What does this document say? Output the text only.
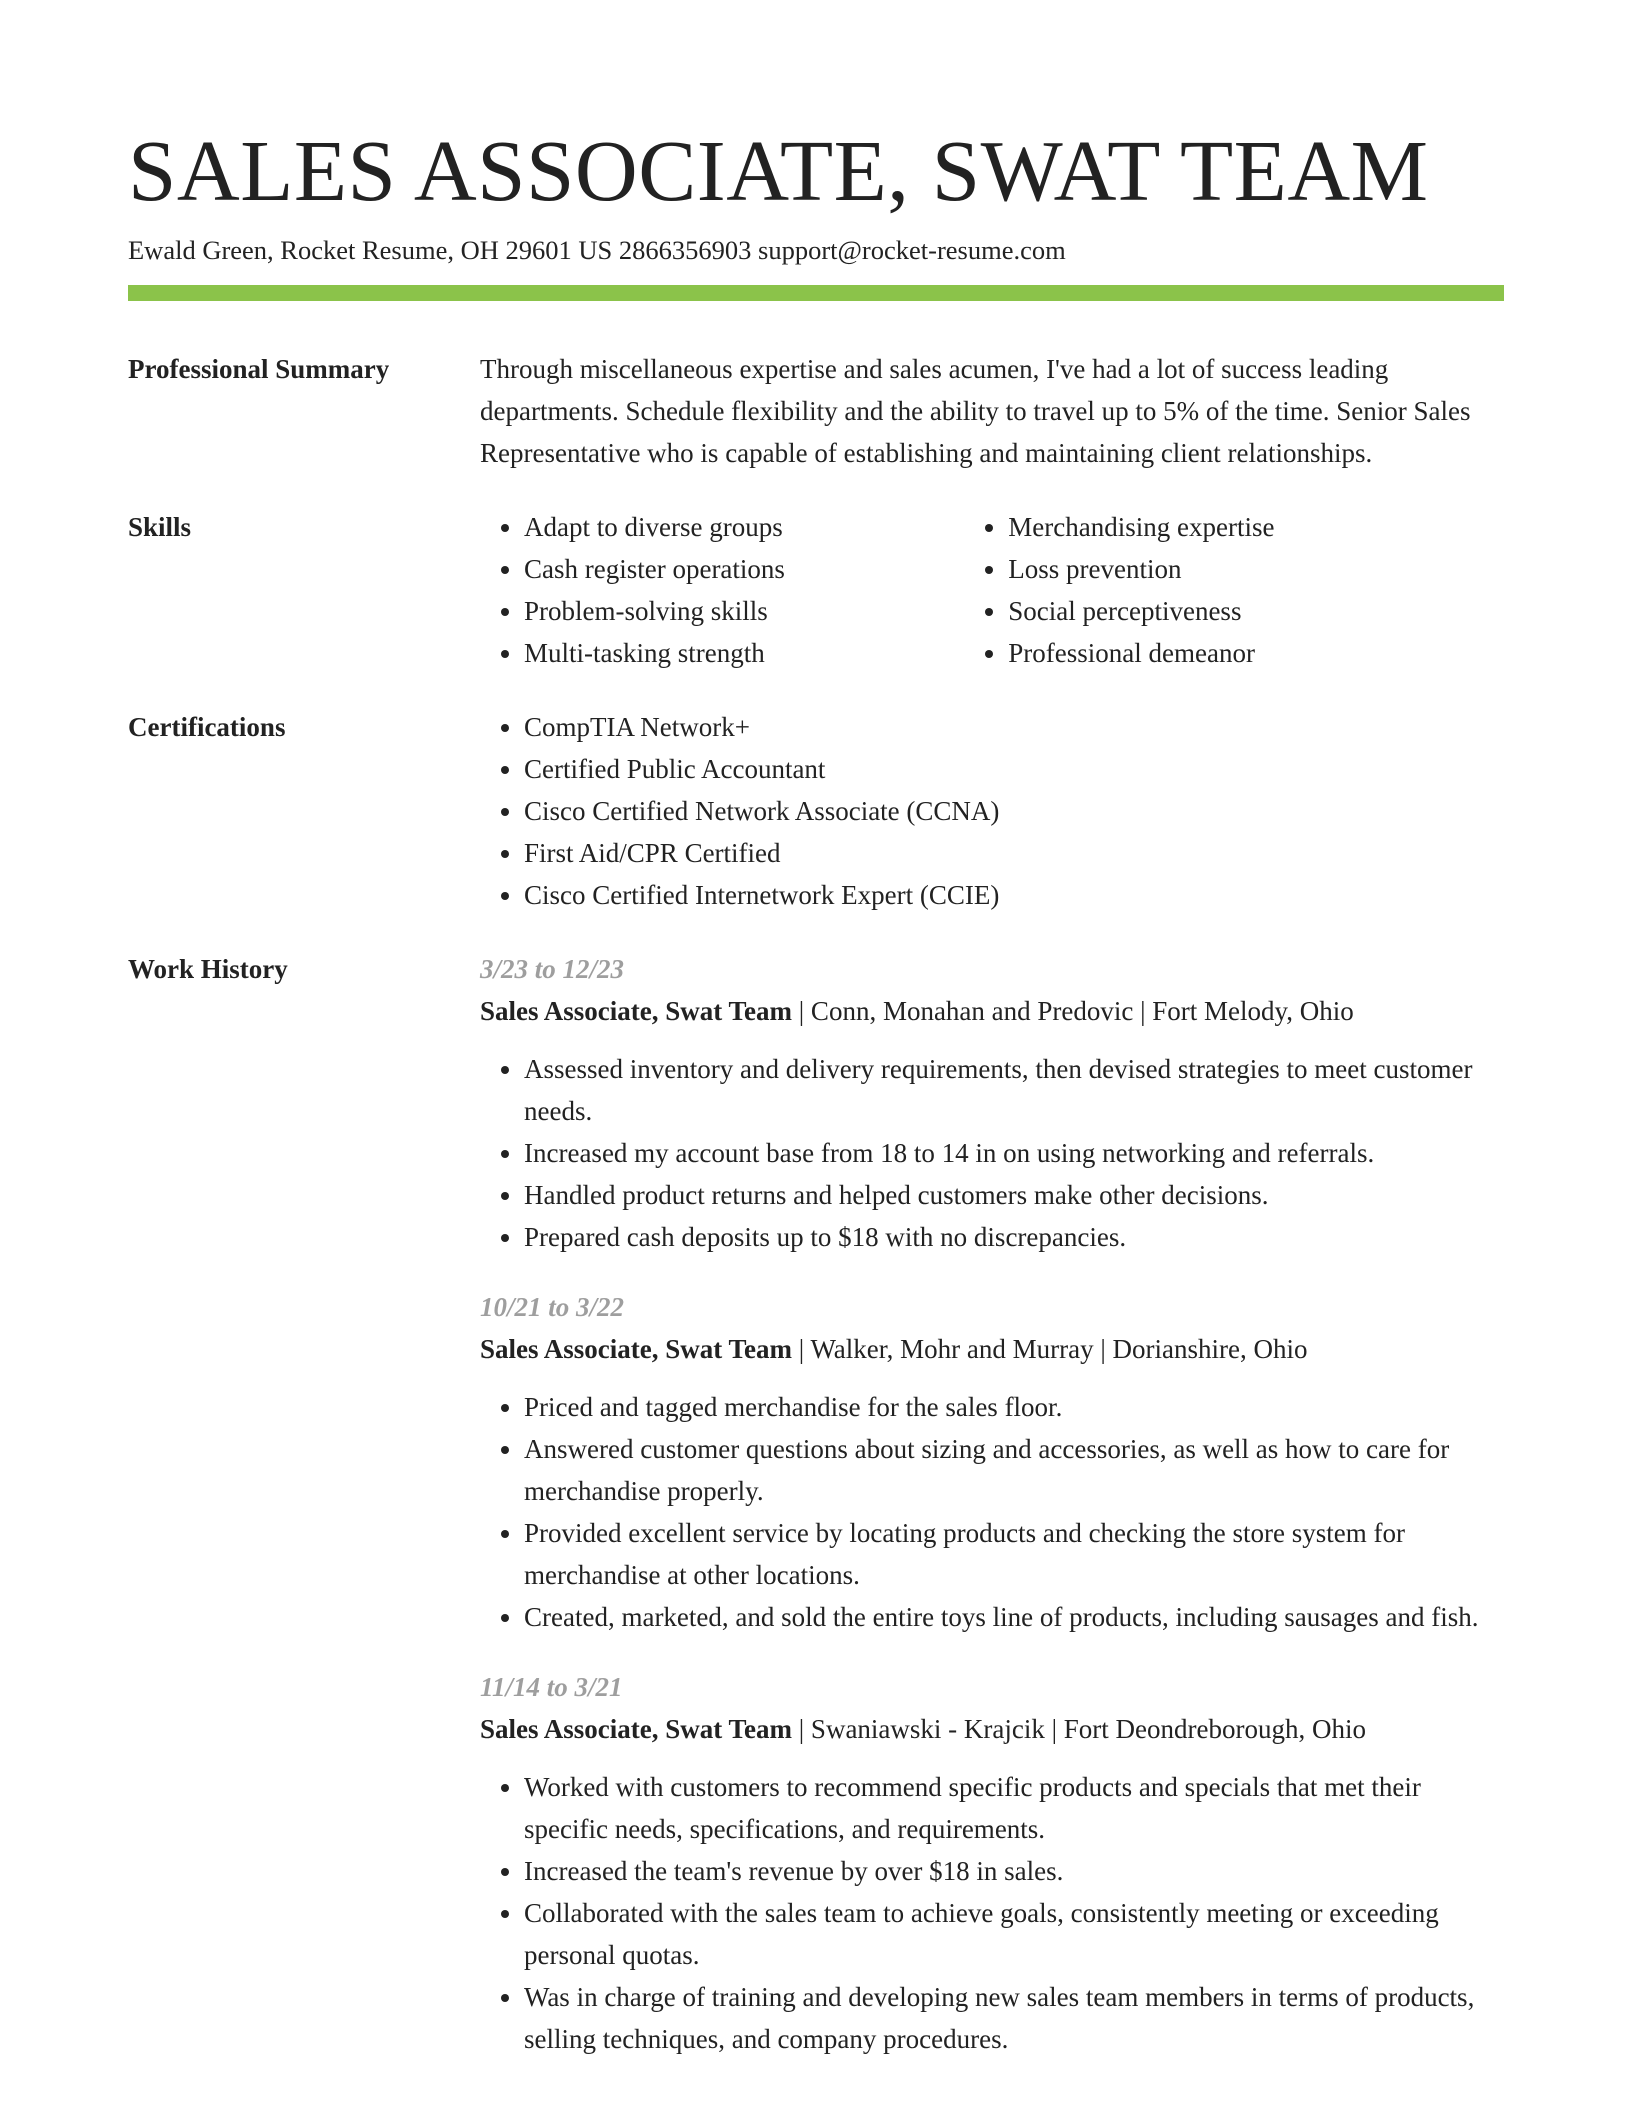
SALES ASSOCIATE, SWAT TEAM
Ewald Green, Rocket Resume, OH 29601 US 2866356903 support@rocket-resume.com
Professional Summary	Through miscellaneous expertise and sales acumen, I've had a lot of success leading departments. Schedule flexibility and the ability to travel up to 5% of the time. Senior Sales Representative who is capable of establishing and maintaining client relationships.
Skills	• Adapt to diverse groups
• Cash register operations
• Problem-solving skills
• Multi-tasking strength
• Merchandising expertise
• Loss prevention
• Social perceptiveness
• Professional demeanor
Certifications	• CompTIA Network+
• Certified Public Accountant
• Cisco Certified Network Associate (CCNA)
• First Aid/CPR Certified
• Cisco Certified Internetwork Expert (CCIE)
Work History	3/23 to 12/23
Sales Associate, Swat Team | Conn, Monahan and Predovic | Fort Melody, Ohio
• Assessed inventory and delivery requirements, then devised strategies to meet customer needs.
• Increased my account base from 18 to 14 in on using networking and referrals.
• Handled product returns and helped customers make other decisions.
• Prepared cash deposits up to $18 with no discrepancies.
10/21 to 3/22
Sales Associate, Swat Team | Walker, Mohr and Murray | Dorianshire, Ohio
• Priced and tagged merchandise for the sales floor.
• Answered customer questions about sizing and accessories, as well as how to care for merchandise properly.
• Provided excellent service by locating products and checking the store system for merchandise at other locations.
• Created, marketed, and sold the entire toys line of products, including sausages and fish.
11/14 to 3/21
Sales Associate, Swat Team | Swaniawski - Krajcik | Fort Deondreborough, Ohio
• Worked with customers to recommend specific products and specials that met their specific needs, specifications, and requirements.
• Increased the team's revenue by over $18 in sales.
• Collaborated with the sales team to achieve goals, consistently meeting or exceeding personal quotas.
• Was in charge of training and developing new sales team members in terms of products, selling techniques, and company procedures.
